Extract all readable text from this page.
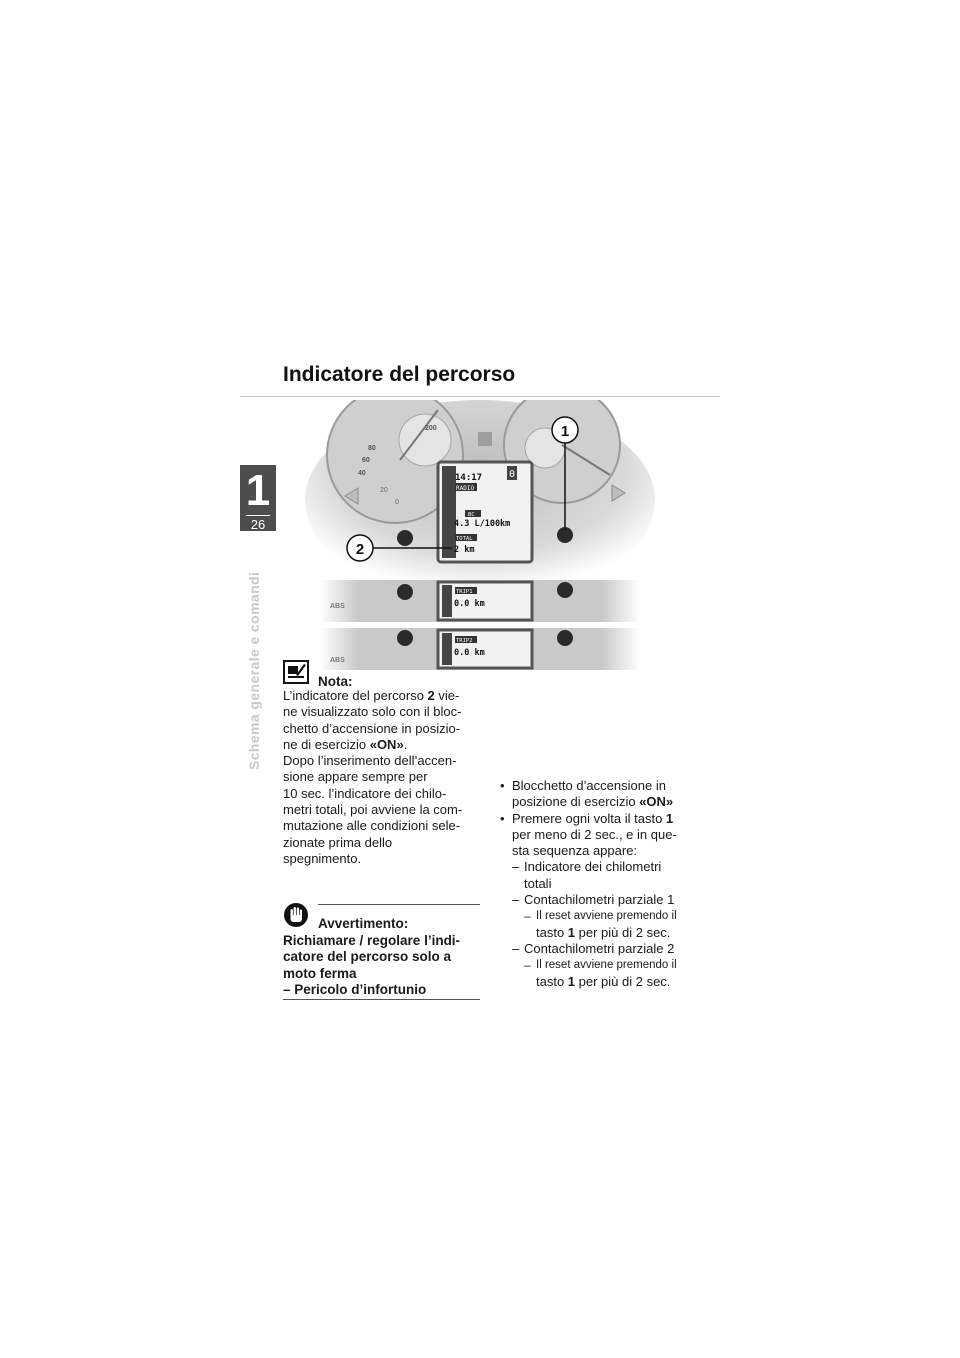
1
26
Schema generale e comandi
Indicatore del percorso
14:17	0
RADIO
BC
4.3 L/100km
TOTAL
2 km
1
2
80
60
40
20
0
200
TRIP1
0.0 km
ABS
TRIP2
0.0 km
ABS
Nota:
L’indicatore del percorso 2 vie-
ne visualizzato solo con il bloc-
chetto d’accensione in posizio-
ne di esercizio «ON».
Dopo l’inserimento dell’accen-
sione appare sempre per
10 sec. l’indicatore dei chilo-
metri totali, poi avviene la com-
mutazione alle condizioni sele-
zionate prima dello
spegnimento.
Avvertimento:
Richiamare / regolare l’indi-
catore del percorso solo a
moto ferma
– Pericolo d’infortunio
• Blocchetto d’accensione in
posizione di esercizio «ON»
• Premere ogni volta il tasto 1
per meno di 2 sec., e in que-
sta sequenza appare:
– Indicatore dei chilometri
totali
– Contachilometri parziale 1
– Il reset avviene premendo il
tasto 1 per più di 2 sec.
– Contachilometri parziale 2
– Il reset avviene premendo il
tasto 1 per più di 2 sec.
